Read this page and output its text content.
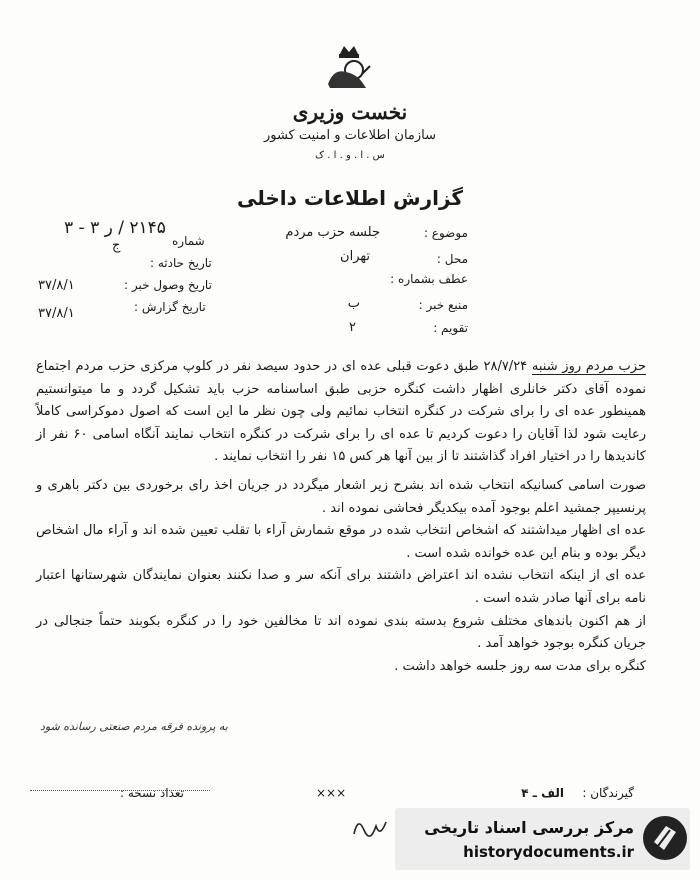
نخست وزیری
سازمان اطلاعات و امنیت کشور
س . ا . و . ا . ک
گزارش اطلاعات داخلی
موضوع :
جلسه حزب مردم
محل :
تهران
عطف بشماره :
منبع خبر :
ب
تقویم :
۲
شماره
۲۱۴۵ / ر ۳ - ۳
تاریخ حادثه :
ج
تاریخ وصول خبر :
۳۷/۸/۱
تاریخ گزارش :
۳۷/۸/۱

حزب مردم روز شنبه ۲۸/۷/۲۴ طبق دعوت قبلی عده ای در حدود سیصد نفر در کلوپ مرکزی حزب مردم اجتماع نموده آقای دکتر خانلری اظهار داشت کنگره حزبی طبق اساسنامه حزب باید تشکیل گردد و ما میتوانستیم همینطور عده ای را برای شرکت در کنگره انتخاب نمائیم ولی چون نظر ما این است که اصول دموکراسی کاملاً رعایت شود لذا آقایان را دعوت کردیم تا عده ای را برای شرکت در کنگره انتخاب نمایند آنگاه اسامی ۶۰ نفر از کاندیدها را در اختیار افراد گذاشتند تا از بین آنها هر کس ۱۵ نفر را انتخاب نمایند .

صورت اسامی کسانیکه انتخاب شده اند بشرح زیر اشعار میگردد در جریان اخذ رای برخوردی بین دکتر باهری و پرنسیپر جمشید اعلم بوجود آمده بیکدیگر فحاشی نموده اند .

عده ای اظهار میداشتند که اشخاص انتخاب شده در موقع شمارش آراء با تقلب تعیین شده اند و آراء مال اشخاص دیگر بوده و بنام این عده خوانده شده است .

عده ای از اینکه انتخاب نشده اند اعتراض داشتند برای آنکه سر و صدا نکنند بعنوان نمایندگان شهرستانها اعتبار نامه برای آنها صادر شده است .

از هم اکنون باندهای مختلف شروع بدسته بندی نموده اند تا مخالفین خود را در کنگره بکوبند حتماً جنجالی در جریان کنگره بوجود خواهد آمد .

کنگره برای مدت سه روز جلسه خواهد داشت .

به پرونده فرقه مردم صنعتی رسانده شود
گیرندگان :
الف ـ ۴
×××
تعداد نسخه :
مرکز بررسی اسناد تاریخی
historydocuments.ir
